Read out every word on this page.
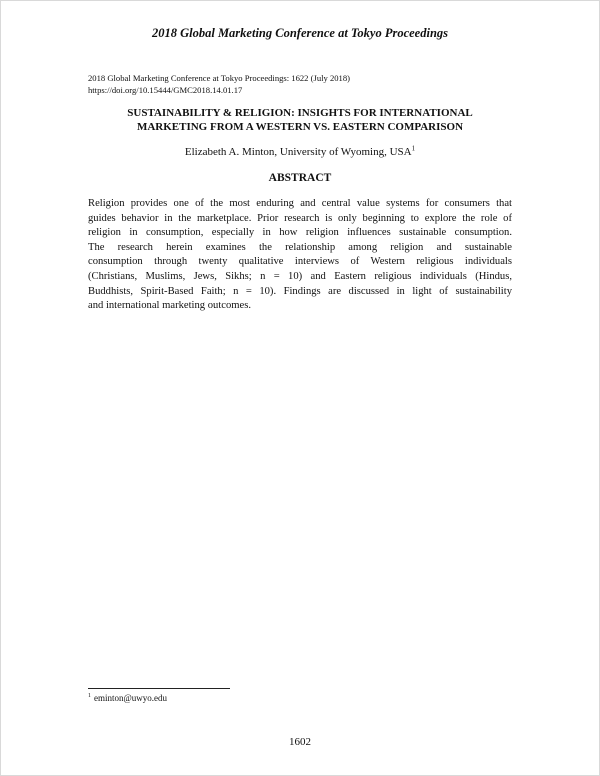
2018 Global Marketing Conference at Tokyo Proceedings
2018 Global Marketing Conference at Tokyo Proceedings: 1622 (July 2018)
https://doi.org/10.15444/GMC2018.14.01.17
SUSTAINABILITY & RELIGION: INSIGHTS FOR INTERNATIONAL
MARKETING FROM A WESTERN VS. EASTERN COMPARISON
Elizabeth A. Minton, University of Wyoming, USA$^1$
ABSTRACT
Religion provides one of the most enduring and central value systems for consumers that
guides behavior in the marketplace. Prior research is only beginning to explore the role of
religion in consumption, especially in how religion influences sustainable consumption.
The research herein examines the relationship among religion and sustainable
consumption through twenty qualitative interviews of Western religious individuals
(Christians, Muslims, Jews, Sikhs; n = 10) and Eastern religious individuals (Hindus,
Buddhists, Spirit-Based Faith; n = 10). Findings are discussed in light of sustainability
and international marketing outcomes.
$^1$ eminton@uwyo.edu
1602
